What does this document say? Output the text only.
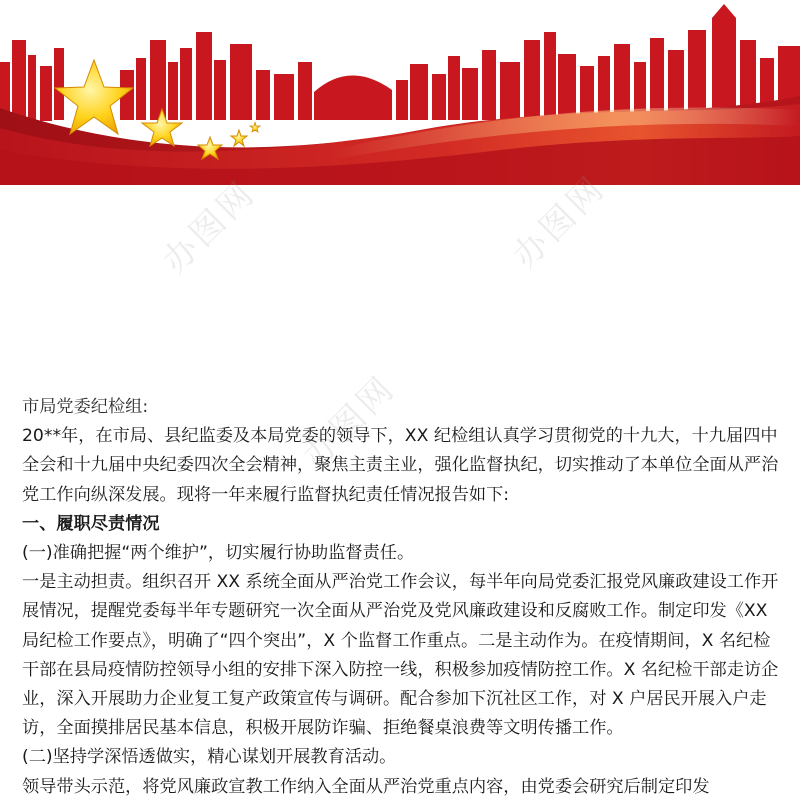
办图网	办图网
办图网

市局党委纪检组:

20**年，在市局、县纪监委及本局党委的领导下，XX 纪检组认真学习贯彻党的十九大，十九届四中全会和十九届中央纪委四次全会精神，聚焦主责主业，强化监督执纪，切实推动了本单位全面从严治党工作向纵深发展。现将一年来履行监督执纪责任情况报告如下:

一、履职尽责情况

(一)准确把握“两个维护”，切实履行协助监督责任。

一是主动担责。组织召开 XX 系统全面从严治党工作会议，每半年向局党委汇报党风廉政建设工作开展情况，提醒党委每半年专题研究一次全面从严治党及党风廉政建设和反腐败工作。制定印发《XX 局纪检工作要点》，明确了“四个突出”，X 个监督工作重点。二是主动作为。在疫情期间，X 名纪检干部在县局疫情防控领导小组的安排下深入防控一线，积极参加疫情防控工作。X 名纪检干部走访企业，深入开展助力企业复工复产政策宣传与调研。配合参加下沉社区工作，对 X 户居民开展入户走访，全面摸排居民基本信息，积极开展防诈骗、拒绝餐桌浪费等文明传播工作。

(二)坚持学深悟透做实，精心谋划开展教育活动。

领导带头示范，将党风廉政宣教工作纳入全面从严治党重点内容，由党委会研究后制定印发
